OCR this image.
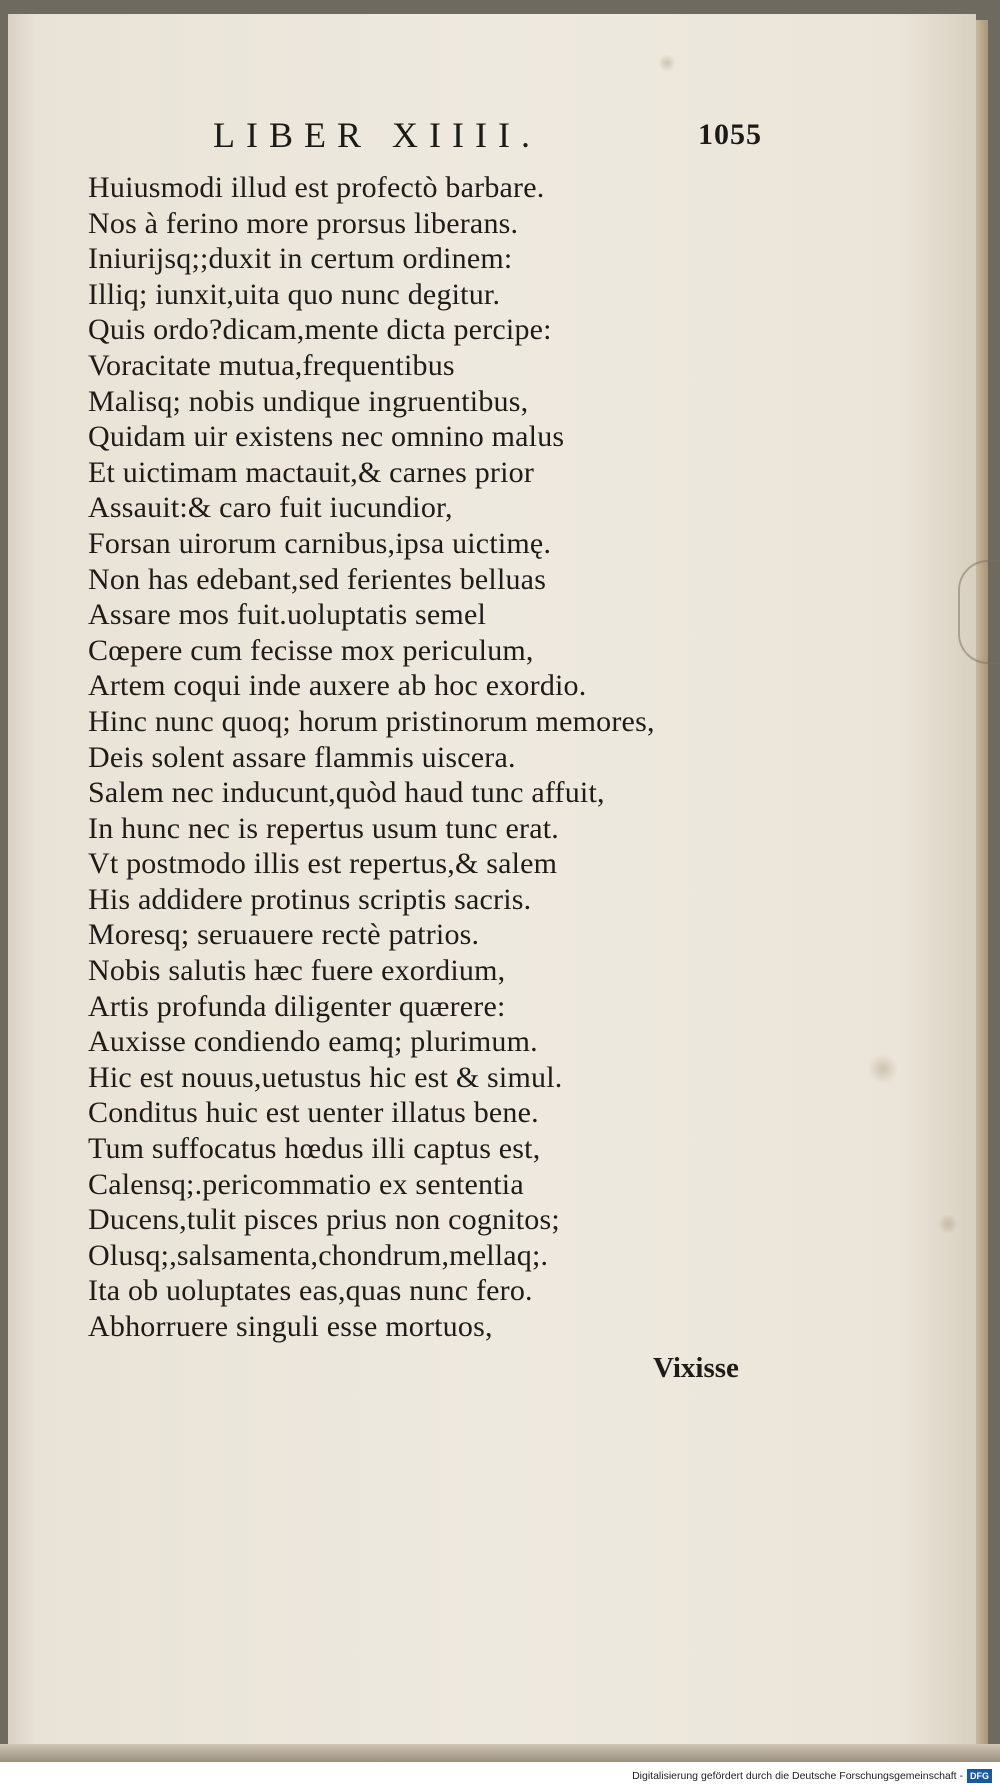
LIBER XIIII.	1055
Huiusmodi illud est profectò barbare.
Nos à ferino more prorsus liberans.
Iniurijsq;;duxit in certum ordinem:
Illiq; iunxit,uita quo nunc degitur.
Quis ordo?dicam,mente dicta percipe:
Voracitate mutua,frequentibus
Malisq; nobis undique ingruentibus,
Quidam uir existens nec omnino malus
Et uictimam mactauit,& carnes prior
Assauit:& caro fuit iucundior,
Forsan uirorum carnibus,ipsa uictimę.
Non has edebant,sed ferientes belluas
Assare mos fuit.uoluptatis semel
Cœpere cum fecisse mox periculum,
Artem coqui inde auxere ab hoc exordio.
Hinc nunc quoq; horum pristinorum memores,
Deis solent assare flammis uiscera.
Salem nec inducunt,quòd haud tunc affuit,
In hunc nec is repertus usum tunc erat.
Vt postmodo illis est repertus,& salem
His addidere protinus scriptis sacris.
Moresq; seruauere rectè patrios.
Nobis salutis hæc fuere exordium,
Artis profunda diligenter quærere:
Auxisse condiendo eamq; plurimum.
Hic est nouus,uetustus hic est & simul.
Conditus huic est uenter illatus bene.
Tum suffocatus hœdus illi captus est,
Calensq;.pericommatio ex sententia
Ducens,tulit pisces prius non cognitos;
Olusq;,salsamenta,chondrum,mellaq;.
Ita ob uoluptates eas,quas nunc fero.
Abhorruere singuli esse mortuos,
Vixisse
Digitalisierung gefördert durch die Deutsche Forschungsgemeinschaft - DFG
